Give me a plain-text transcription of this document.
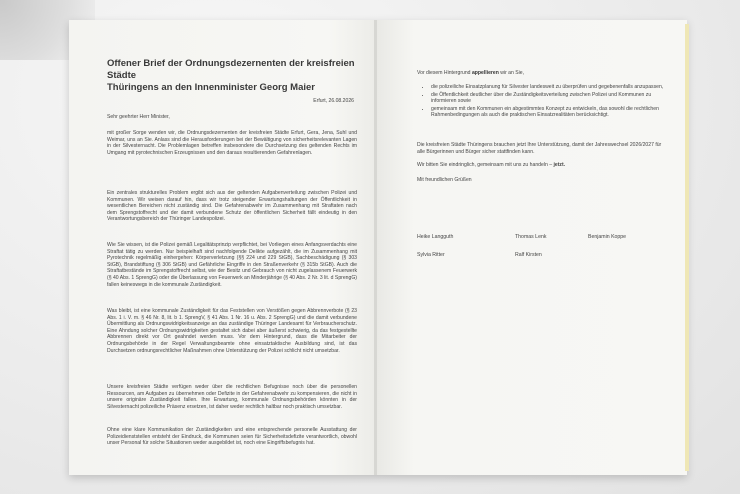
Offener Brief der Ordnungsdezernenten der kreisfreien Städte
Thüringens an den Innenminister Georg Maier
Erfurt, 26.08.2026
Sehr geehrter Herr Minister,
mit großer Sorge wenden wir, die Ordnungsdezernenten der kreisfreien Städte Erfurt, Gera, Jena, Suhl und Weimar, uns an Sie. Anlass sind die Herausforderungen bei der Bewältigung von sicherheitsrelevanten Lagen in der Silvesternacht. Die Problemlagen betreffen insbesondere die Durchsetzung des geltenden Rechts im Umgang mit pyrotechnischen Erzeugnissen und den daraus resultierenden Gefahrenlagen.
Ein zentrales strukturelles Problem ergibt sich aus der geltenden Aufgabenverteilung zwischen Polizei und Kommunen. Wir weisen darauf hin, dass wir trotz steigender Erwartungshaltungen der Öffentlichkeit in wesentlichen Bereichen nicht zuständig sind. Die Gefahrenabwehr im Zusammenhang mit Straftaten nach dem Sprengstoffrecht und der damit verbundene Schutz der öffentlichen Sicherheit fällt eindeutig in den Verantwortungsbereich der Thüringer Landespolizei.
Wie Sie wissen, ist die Polizei gemäß Legalitätsprinzip verpflichtet, bei Vorliegen eines Anfangsverdachts eine Straftat tätig zu werden. Nur beispielhaft sind nachfolgende Delikte aufgezählt, die im Zusammenhang mit Pyrotechnik regelmäßig einhergehen: Körperverletzung (§§ 224 und 229 StGB), Sachbeschädigung (§ 303 StGB), Brandstiftung (§ 306 StGB) und Gefährliche Eingriffe in den Straßenverkehr (§ 315b StGB). Auch die Straftatbestände im Sprengstoffrecht selbst, wie der Besitz und Gebrauch von nicht zugelassenem Feuerwerk (§ 40 Abs. 1 SprengG) oder die Überlassung von Feuerwerk an Minderjährige (§ 40 Abs. 2 Nr. 3 lit. d SprengG) fallen keineswegs in die kommunale Zuständigkeit.
Was bleibt, ist eine kommunale Zuständigkeit für das Feststellen von Verstößen gegen Abbrennverbote (§ 23 Abs. 1 i. V. m. § 46 Nr. 8, lit. b 1. SprengV, § 41 Abs. 1 Nr. 16 u. Abs. 2 SprengG) und die damit verbundene Übermittlung als Ordnungswidrigkeitsanzeige an das zuständige Thüringer Landesamt für Verbraucherschutz. Eine Ahndung solcher Ordnungswidrigkeiten gestaltet sich dabei aber äußerst schwierig, da das festgestellte Abbrennen direkt vor Ort geahndet werden muss. Vor dem Hintergrund, dass die Mitarbeiter der Ordnungsbehörde in der Regel Verwaltungsbeamte ohne einsatztaktische Ausbildung sind, ist das Durchsetzen ordnungsrechtlicher Maßnahmen ohne Unterstützung der Polizei schlicht nicht umsetzbar.
Unsere kreisfreien Städte verfügen weder über die rechtlichen Befugnisse noch über die personellen Ressourcen, am Aufgaben zu übernehmen oder Defizite in der Gefahrenabwehr zu kompensieren, die nicht in unsere originäre Zuständigkeit fallen. Ihre Erwartung, kommunale Ordnungsbehörden könnten in der Silvesternacht polizeiliche Präsenz ersetzen, ist daher weder rechtlich haltbar noch praktisch umsetzbar.
Ohne eine klare Kommunikation der Zuständigkeiten und eine entsprechende personelle Ausstattung der Polizeidienststellen entsteht der Eindruck, die Kommunen seien für Sicherheitsdefizite verantwortlich, obwohl unser Personal für solche Situationen weder ausgebildet ist, noch eine Eingriffsbefugnis hat.
Vor diesem Hintergrund appellieren wir an Sie,
• die polizeiliche Einsatzplanung für Silvester landesweit zu überprüfen und gegebenenfalls anzupassen,
• die Öffentlichkeit deutlicher über die Zuständigkeitsverteilung zwischen Polizei und Kommunen zu informieren sowie
• gemeinsam mit den Kommunen ein abgestimmtes Konzept zu entwickeln, das sowohl die rechtlichen Rahmenbedingungen als auch die praktischen Einsatzrealitäten berücksichtigt.
Die kreisfreien Städte Thüringens brauchen jetzt Ihre Unterstützung, damit der Jahreswechsel 2026/2027 für alle Bürgerinnen und Bürger sicher stattfinden kann.
Wir bitten Sie eindringlich, gemeinsam mit uns zu handeln – jetzt.
Mit freundlichen Grüßen
Heike Langguth	Thomas Lenk	Benjamin Koppe
Sylvia Ritter	Ralf Kirsten
